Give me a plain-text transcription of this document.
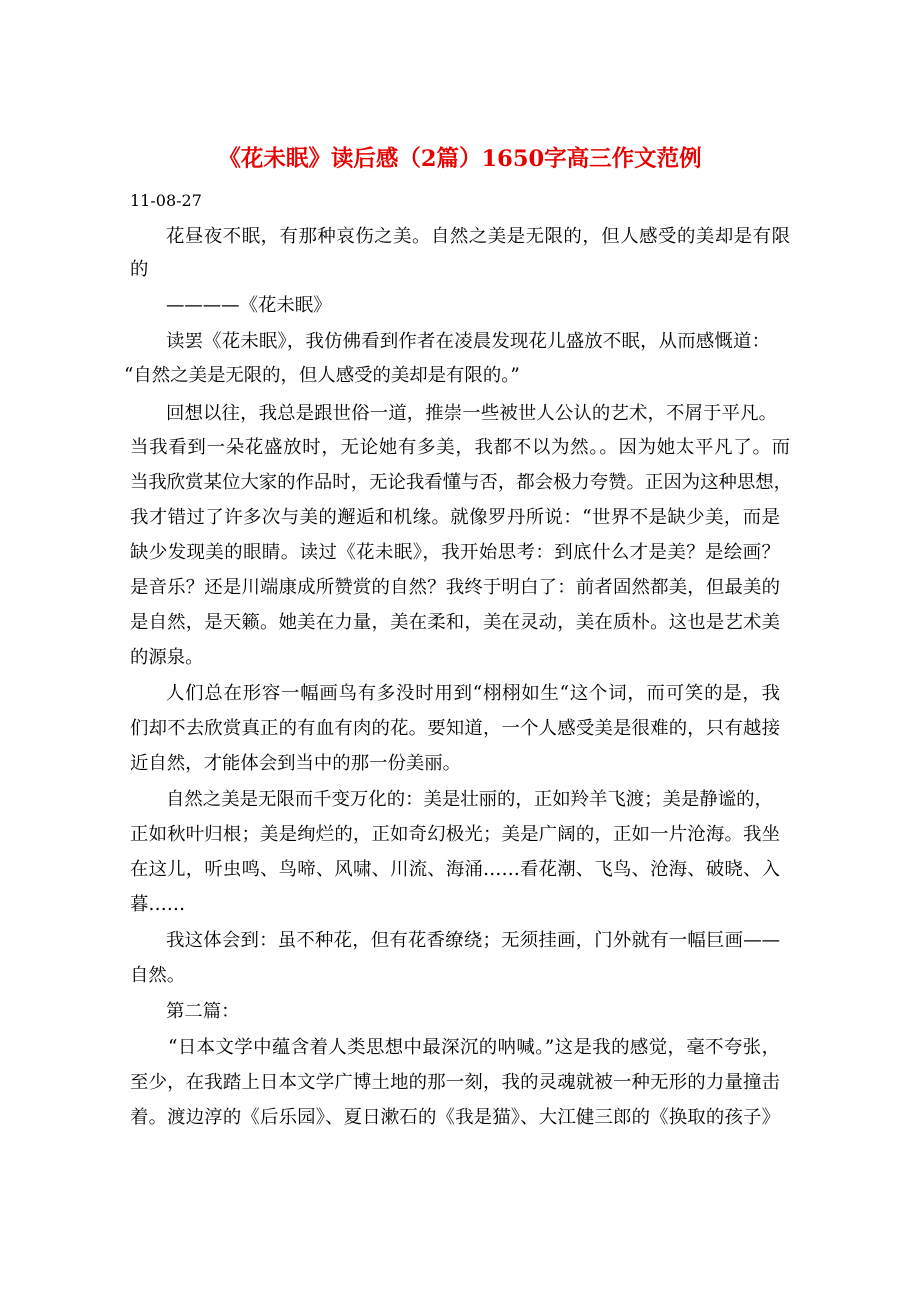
《花未眠》读后感（2篇）1650字高三作文范例
11-08-27
花昼夜不眠，有那种哀伤之美。自然之美是无限的，但人感受的美却是有限
的
————《花未眠》
读罢《花未眠》，我仿佛看到作者在凌晨发现花儿盛放不眠，从而感慨道：
“自然之美是无限的，但人感受的美却是有限的。”
回想以往，我总是跟世俗一道，推崇一些被世人公认的艺术，不屑于平凡。
当我看到一朵花盛放时，无论她有多美，我都不以为然。。因为她太平凡了。而
当我欣赏某位大家的作品时，无论我看懂与否，都会极力夸赞。正因为这种思想，
我才错过了许多次与美的邂逅和机缘。就像罗丹所说：“世界不是缺少美，而是
缺少发现美的眼睛。读过《花未眠》，我开始思考：到底什么才是美？是绘画？
是音乐？还是川端康成所赞赏的自然？我终于明白了：前者固然都美，但最美的
是自然，是天籁。她美在力量，美在柔和，美在灵动，美在质朴。这也是艺术美
的源泉。
人们总在形容一幅画鸟有多没时用到“栩栩如生“这个词，而可笑的是，我
们却不去欣赏真正的有血有肉的花。要知道，一个人感受美是很难的，只有越接
近自然，才能体会到当中的那一份美丽。
自然之美是无限而千变万化的：美是壮丽的，正如羚羊飞渡；美是静谧的，
正如秋叶归根；美是绚烂的，正如奇幻极光；美是广阔的，正如一片沧海。我坐
在这儿，听虫鸣、鸟啼、风啸、川流、海涌……看花潮、飞鸟、沧海、破晓、入
暮……
我这体会到：虽不种花，但有花香缭绕；无须挂画，门外就有一幅巨画——
自然。
第二篇：
“日本文学中蕴含着人类思想中最深沉的呐喊。”这是我的感觉，毫不夸张，
至少，在我踏上日本文学广博土地的那一刻，我的灵魂就被一种无形的力量撞击
着。渡边淳的《后乐园》、夏日漱石的《我是猫》、大江健三郎的《换取的孩子》
